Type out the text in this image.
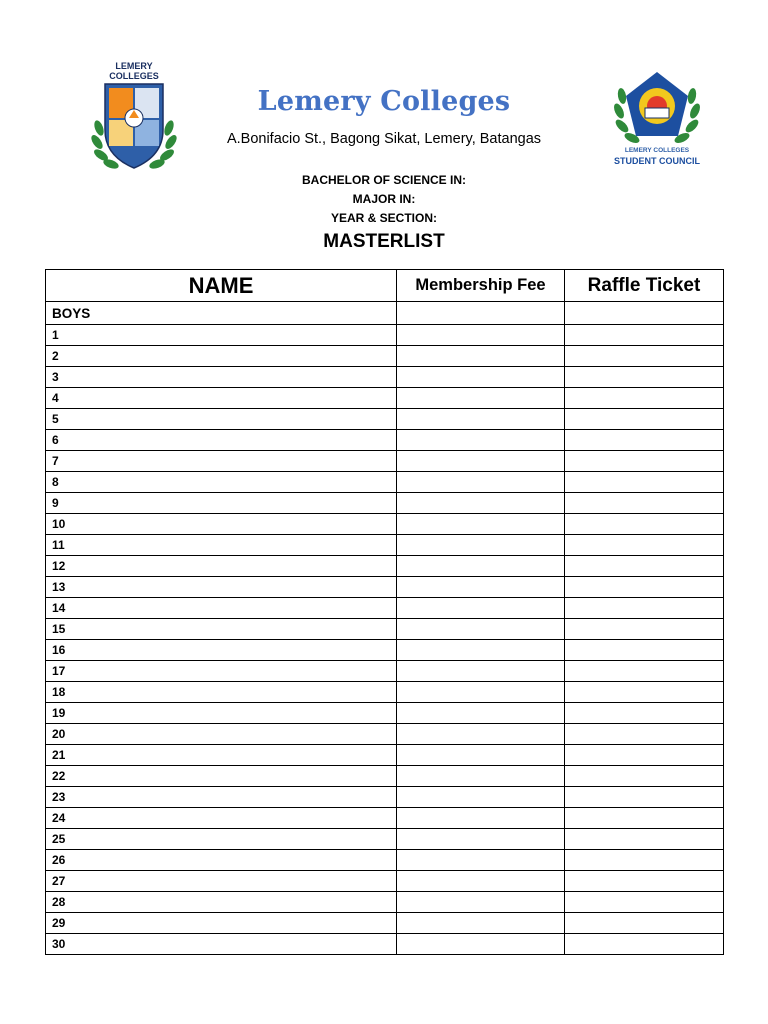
LEMERY
COLLEGES
LEMERY COLLEGES
STUDENT COUNCIL
Lemery Colleges
A.Bonifacio St., Bagong Sikat, Lemery, Batangas
BACHELOR OF SCIENCE IN:
MAJOR IN:
YEAR & SECTION:
MASTERLIST
NAME	Membership Fee	Raffle Ticket
BOYS		
1		
2		
3		
4		
5		
6		
7		
8		
9		
10		
11		
12		
13		
14		
15		
16		
17		
18		
19		
20		
21		
22		
23		
24		
25		
26		
27		
28		
29		
30		
